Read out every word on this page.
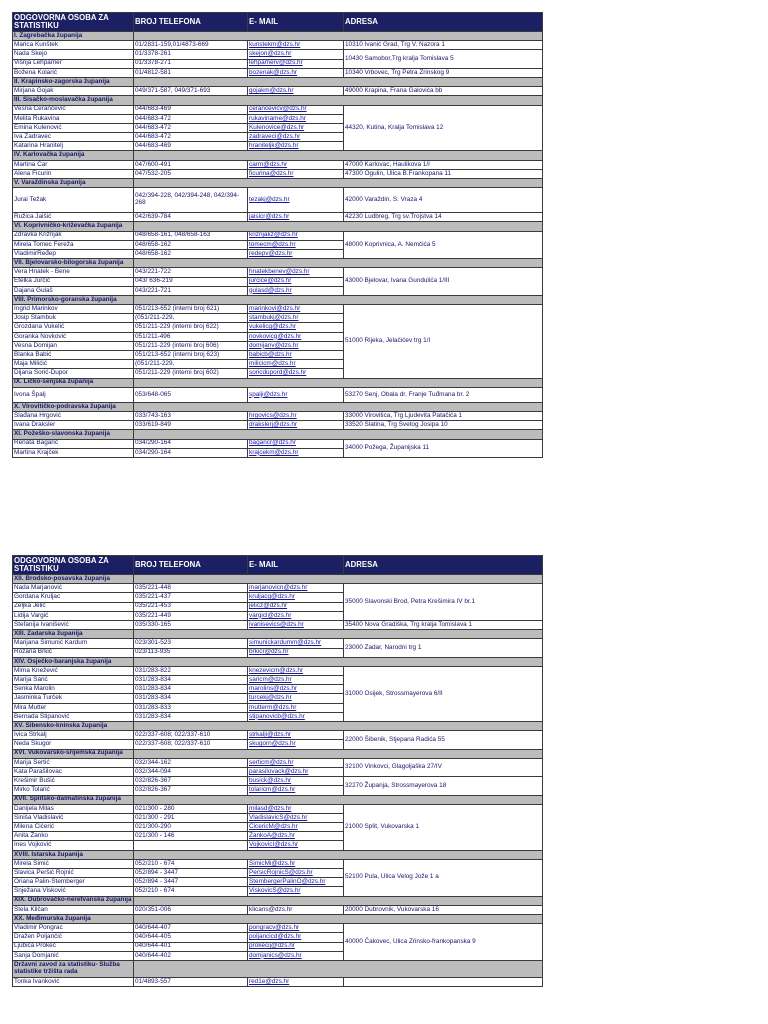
ODGOVORNA OSOBA ZA STATISTIKU	BROJ TELEFONA	E- MAIL	ADRESA
I. Zagrebačka županija			
Marica Kunštek	01/2831-159,01/4873-669	kunstekm@dzs.hr	10310 Ivanić Grad, Trg V. Nazora 1
Nada Skejo	01/3378-261	skejon@dzs.hr	10430 Samobor,Trg kralja Tomislava 5
Višnja Lehpamer	01/3378-271	lehpamerv@dzs.hr	
Božena Kolarić	01/4812-581	bozenak@dzs.hr	10340 Vrbovec, Trg Petra Zrinskog 9
II. Krapinsko-zagorska županija			
Mirjana Gojak	049/371-587, 049/371-693	gojakm@dzs.hr	49000 Krapina, Frana Galovića bb
III. Sisačko-moslavačka županija			
Vesna Cerančević	044/683-469	cerancevicv@dzs.hr	44320, Kutina, Kralja Tomislava 12
Melita Rukavina	044/683-472	rukaviname@dzs.hr	
Emina Kulenović	044/683-472	Kulenovice@dzs.hr	
Iva Zadravec	044/683-472	zadraveci@dzs.hr	
Katarina Hranitelj	044/683-469	hraniteljk@dzs.hr	
IV. Karlovačka županija			
Martina Car	047/600-491	carm@dzs.hr	47000 Karlovac, Haulikova 1/I
Alena Ficurin	047/532-205	ficurina@dzs.hr	47300 Ogulin, Ulica B.Frankopana 11
V. Varaždinska županija			
Jurai Težak	042/394-228, 042/394-248, 042/394-268	tezakj@dzs.hr	42000 Varaždin, S. Vraza 4
Ružica Jaišić	042/639-784	jaisicr@dzs.hr	42230 Ludbreg, Trg sv.Trojstva 14
VI. Koprivničko-križevačka županija			
Zdravka Križnjak	048/658-161, 048/658-163	kriznjakz@dzs.hr	48000 Koprivnica, A. Nemčića 5
Mirela Tomec Fereža	048/658-162	tomecm@dzs.hr	
VladimirReđep	048/658-162	redepv@dzs.hr	
VII. Bjelovarsko-bilogorska županija			
Vera Hnatek - Bene	043/221-722	hnatekbenev@dzs.hr	43000 Bjelovar, Ivana Gundulića 1/III
Etelka Jurčić	043/ 636-219	jurcice@dzs.hr	
Dajana Gulaš	043/221-721	gulasd@dzs.hr	
VIII. Primorsko-goranska županija			
Ingrid Marinkov	051/213-652 (interni broj 621)	marinkovi@dzs.hr	51000 Rijeka, Jelačićev trg 1/I
Josip Štambuk	(051/211-229,	stambukj@dzs.hr	
Grozdana Vukelić	051/211-229 (interni broj 622)	vukelicg@dzs.hr	
Goranka Novković	051/211-496	novkovicg@dzs.hr	
Vesna Domijan	051/211-229 (interni broj 606)	domijanv@dzs.hr	
Blanka Babić	051/213-652 (interni broj 623)	babicb@dzs.hr	
Maja Milićić	(051/211-229,	milicicm@dzs.hr	
Dijana Sorić-Dupor	051/211-229 (interni broj 602)	soricdupord@dzs.hr	
IX. Ličko-senjska županija			
Ivona Špalj	053/648-065	spalji@dzs.hr	53270 Senj, Obala dr. Franje Tuđmana br. 2
X. Virovitičko-podravska županija			
Slađana Hrgović	033/743-163	hrgovics@dzs.hr	33000 Virovitica, Trg Ljudevita Patačića 1
Ivana Draksler	033/619-849	drakslerj@dzs.hr	33520 Slatina, Trg Svetog Josipa 10
XI. Požeško-slavonska županija			
Renata Bagarić	034/290-164	bagaricr@dzs.hr	34000 Požega, Županijska 11
Martina Krajček	034/290-164	krajcekm@dzs.hr	
ODGOVORNA OSOBA ZA STATISTIKU	BROJ TELEFONA	E- MAIL	ADRESA
XII. Brodsko-posavska županija			
Nada Marjanović	035/221-448	marjanovicn@dzs.hr	35000 Slavonski Brod, Petra Krešimira IV br.1
Gordana Kruljac	035/221-437	kruljacg@dzs.hr	
Željka Jelić	035/221-453	jelicz@dzs.hr	
Lidija Vargić	035/221-449	vargicl@dzs.hr	
Stefanija Ivanišević	035/330-165	ivanisevics@dzs.hr	35400 Nova Gradiška, Trg kralja Tomislava 1
XIII. Zadarska županija			
Marijana Šimunić Kardum	023/301-523	simunickardumm@dzs.hr	23000 Zadar, Narodni trg 1
Rozana Brkić	023/113-935	brkicr@dzs.hr	
XIV. Osječko-baranjska županija			
Mirna Knežević	031/283-822	knezevicm@dzs.hr	31000 Osijek, Strossmayerova 6/II
Marija Šarić	031/283-834	saricm@dzs.hr	
Senka Marolin	031/283-834	marolins@dzs.hr	
Jasminka Turček	031/283-834	turcekj@dzs.hr	
Mira Mutter	031/283-833	mutterm@dzs.hr	
Bernada Stipanović	031/283-834	stipanovicb@dzs.hr	
XV. Šibensko-kninska županija			
Ivica Štrkalj	022/337-608; 022/337-610	strkalji@dzs.hr	22000 Šibenik, Stjepana Radića 55
Neda Škugor	022/337-608; 022/337-610	skugorn@dzs.hr	
XVI. Vukovarsko-srijemska županija			
Marija Sertić	032/344-162	serticm@dzs.hr	32100 Vinkovci, Glagoljaška 27/IV
Kata Parašilovac	032/344-094	parasilovack@dzs.hr	
Krešimir Bušić	032/826-367	busick@dzs.hr	32270 Županja, Strossmayerova 18
Mirko Tolarić	032/826-367	tolaricm@dzs.hr	
XVII. Splitsko-dalmatinska županija			
Danijela Milas	021/300 - 280	milasd@dzs.hr	21000 Split, Vukovarska 1
Siniša Vladislavić	021/300 - 291	VladislavicS@dzs.hr	
Milena Ćićerić	021/300-290	CicericM@dzs.hr	
Anita Žanko	021/300 - 146	ZankoA@dzs.hr	
Ines Vojković		VojkovicI@dzs.hr	
XVIII. Istarska županija			
Mirela Šimić	052/210 - 674	SimicMi@dzs.hr	52100 Pula, Ulica Velog Jože 1 a
Slavica Peršić Rojnić	052/894 - 3447	PersicRojnicS@dzs.hr	
Oriana Palin-Stemberger	052/894 - 3447	StembergerPalinO@dzs.hr	
Snježana Visković	052/210 - 674	ViskovicS@dzs.hr	
XIX. Dubrovačko-neretvanska županija			
Stela Kličan	020/351-006	klicans@dzs.hr	20000 Dubrovnik, Vukovarska 16
XX. Međimurska županija			
Vladimir Pongrac	040/644-407	pongracv@dzs.hr	40000 Čakovec, Ulica Zrinsko-frankopanska 9
Dražen Poljančić	040/644-405	poljancicd@dzs.hr	
Ljubica Prokeć	040/644-401	prokecij@dzs.hr	
Sanja Domjanić	040/644-402	domjanics@dzs.hr	
Državni zavod za statistiku- Služba statistike tržišta rada			
Tonka Ivanković	01/4893-557	red1e@dzs.hr	
